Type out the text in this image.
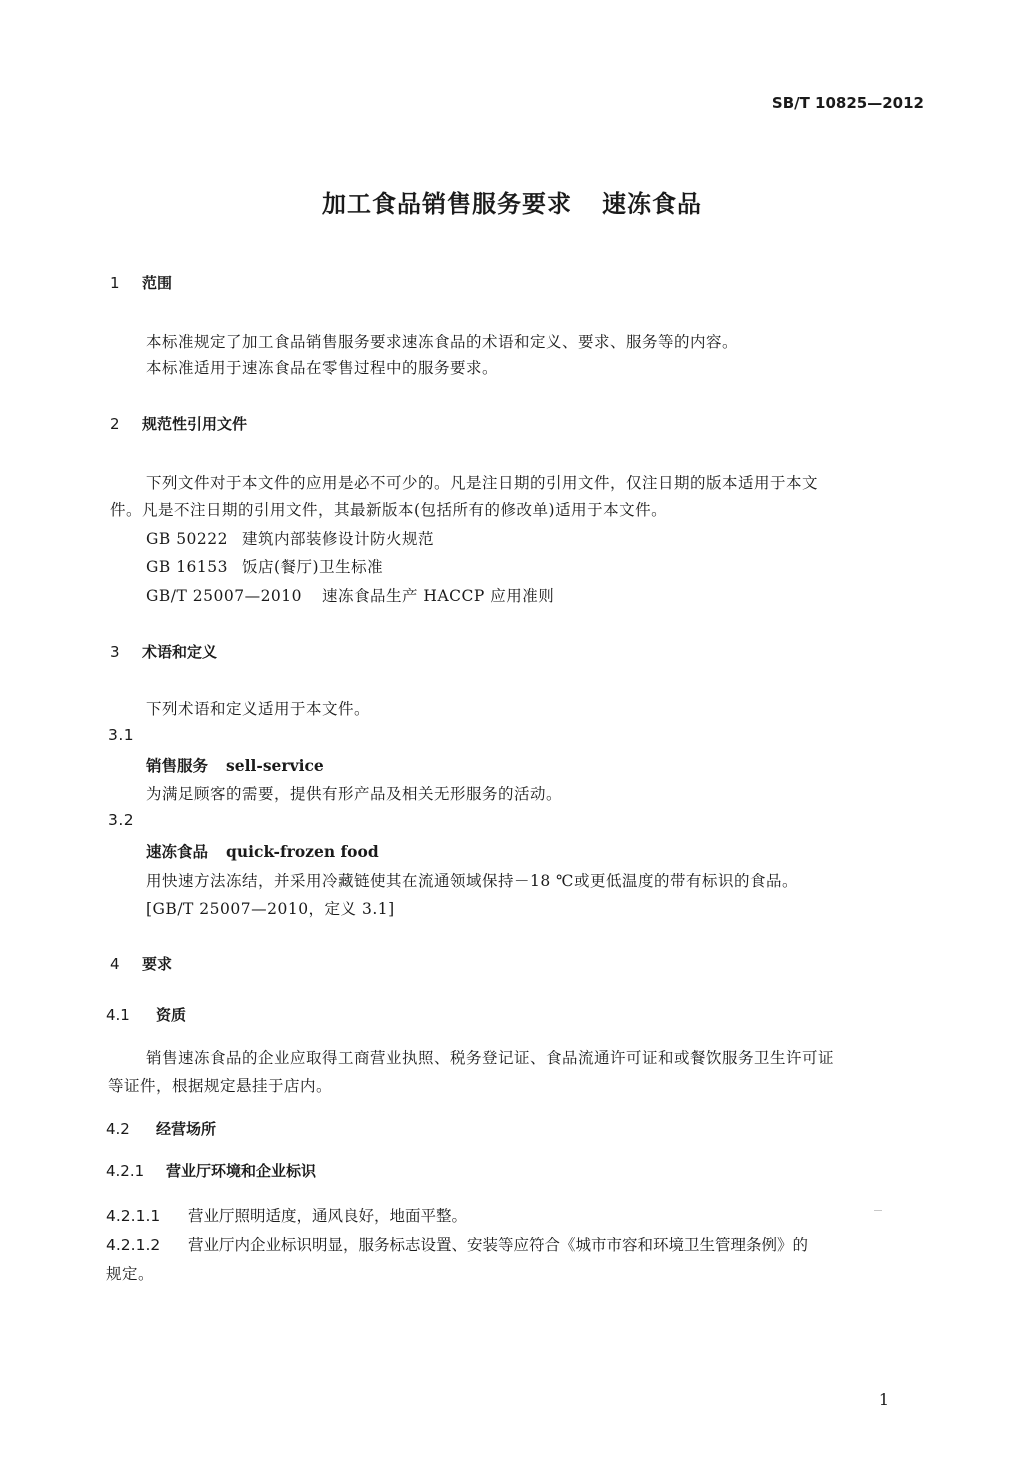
SB/T 10825—2012
加工食品销售服务要求 速冻食品
1 范围
本标准规定了加工食品销售服务要求速冻食品的术语和定义、要求、服务等的内容。
本标准适用于速冻食品在零售过程中的服务要求。
2 规范性引用文件
下列文件对于本文件的应用是必不可少的。凡是注日期的引用文件，仅注日期的版本适用于本文
件。凡是不注日期的引用文件，其最新版本(包括所有的修改单)适用于本文件。
GB 50222 建筑内部装修设计防火规范
GB 16153 饭店(餐厅)卫生标准
GB/T 25007—2010 速冻食品生产 HACCP 应用准则
3 术语和定义
下列术语和定义适用于本文件。
3.1
销售服务 sell-service
为满足顾客的需要，提供有形产品及相关无形服务的活动。
3.2
速冻食品 quick-frozen food
用快速方法冻结，并采用冷藏链使其在流通领域保持－18 ℃或更低温度的带有标识的食品。
[GB/T 25007—2010，定义 3.1]
4 要求
4.1 资质
销售速冻食品的企业应取得工商营业执照、税务登记证、食品流通许可证和或餐饮服务卫生许可证
等证件，根据规定悬挂于店内。
4.2 经营场所
4.2.1 营业厅环境和企业标识
4.2.1.1 营业厅照明适度，通风良好，地面平整。
4.2.1.2 营业厅内企业标识明显，服务标志设置、安装等应符合《城市市容和环境卫生管理条例》的
规定。
1
